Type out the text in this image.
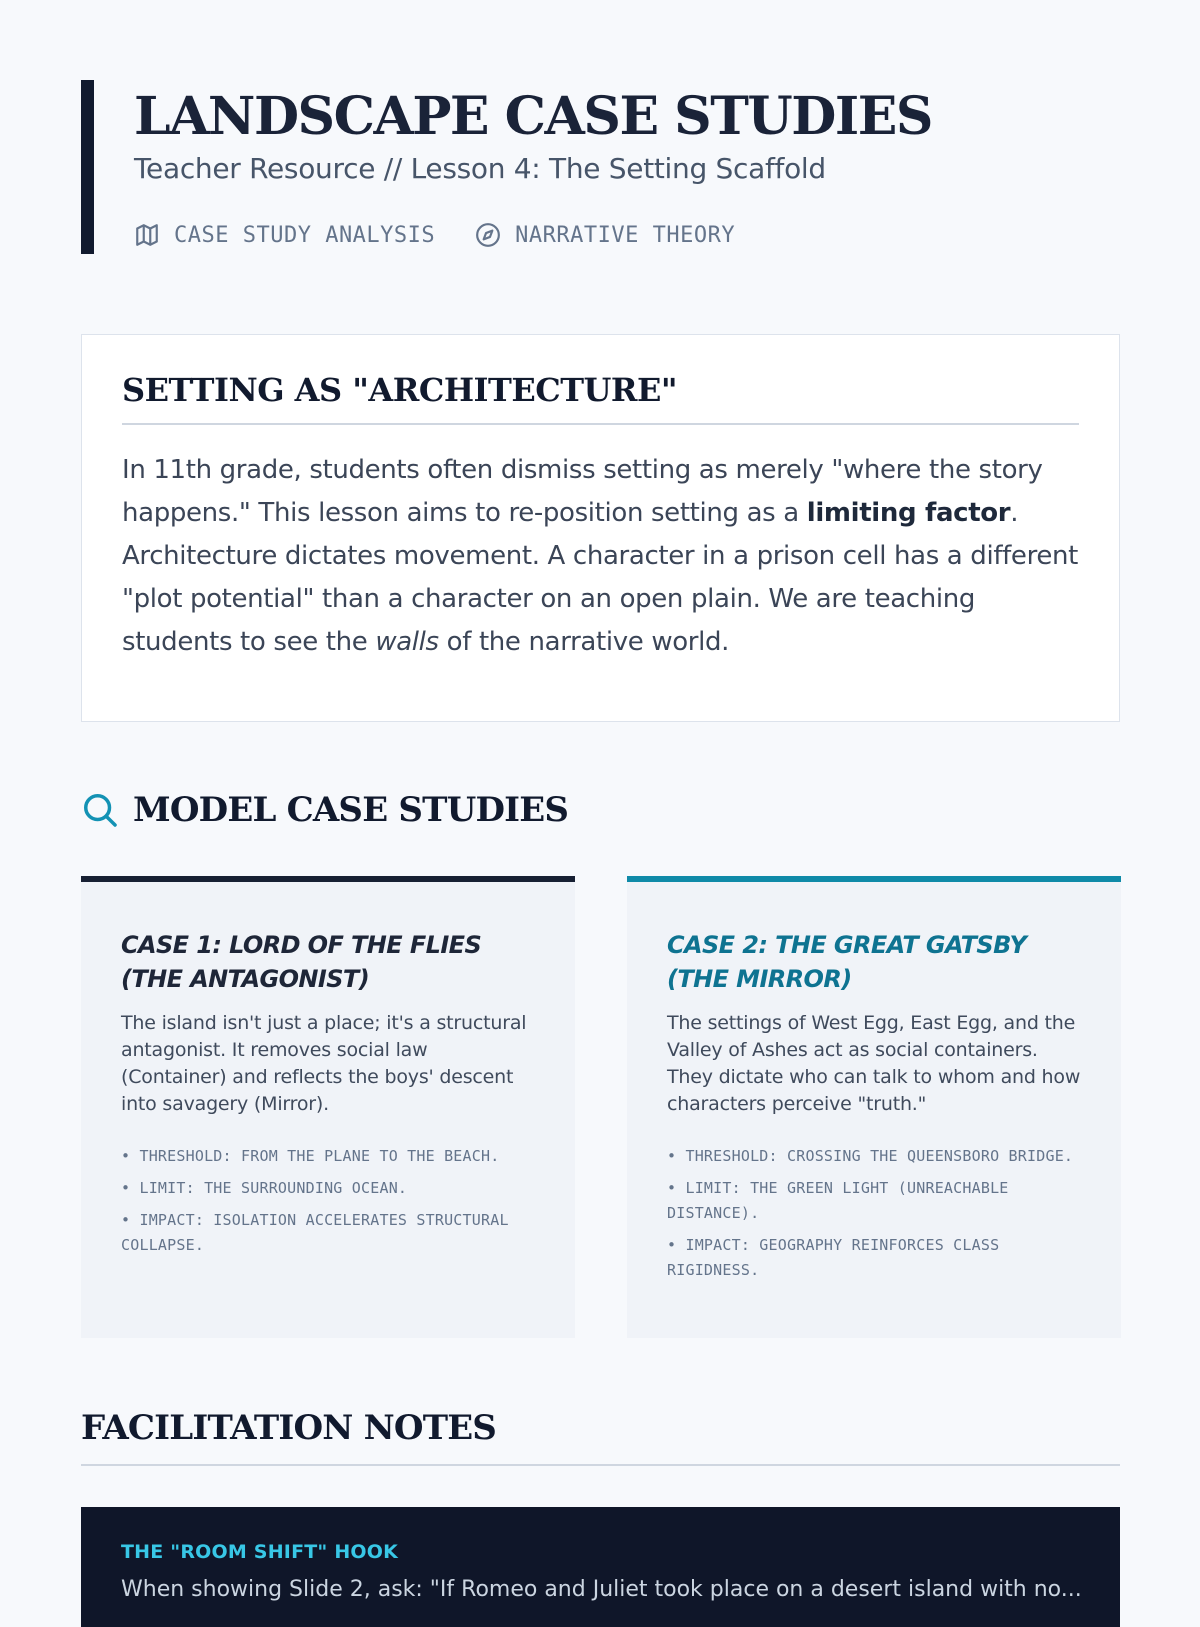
LANDSCAPE CASE STUDIES

Teacher Resource // Lesson 4: The Setting Scaffold

CASE STUDY ANALYSIS	NARRATIVE THEORY
SETTING AS "ARCHITECTURE"

In 11th grade, students often dismiss setting as merely "where the story happens." This lesson aims to re-position setting as a limiting factor. Architecture dictates movement. A character in a prison cell has a different "plot potential" than a character on an open plain. We are teaching students to see the walls of the narrative world.

MODEL CASE STUDIES
CASE 1: LORD OF THE FLIES (THE ANTAGONIST)

The island isn't just a place; it's a structural antagonist. It removes social law (Container) and reflects the boys' descent into savagery (Mirror).

• THRESHOLD: FROM THE PLANE TO THE BEACH.
• LIMIT: THE SURROUNDING OCEAN.
• IMPACT: ISOLATION ACCELERATES STRUCTURAL COLLAPSE.
CASE 2: THE GREAT GATSBY (THE MIRROR)

The settings of West Egg, East Egg, and the Valley of Ashes act as social containers. They dictate who can talk to whom and how characters perceive "truth."

• THRESHOLD: CROSSING THE QUEENSBORO BRIDGE.
• LIMIT: THE GREEN LIGHT (UNREACHABLE DISTANCE).
• IMPACT: GEOGRAPHY REINFORCES CLASS RIGIDNESS.
FACILITATION NOTES
THE "ROOM SHIFT" HOOK

When showing Slide 2, ask: "If Romeo and Juliet took place on a desert island with no...
